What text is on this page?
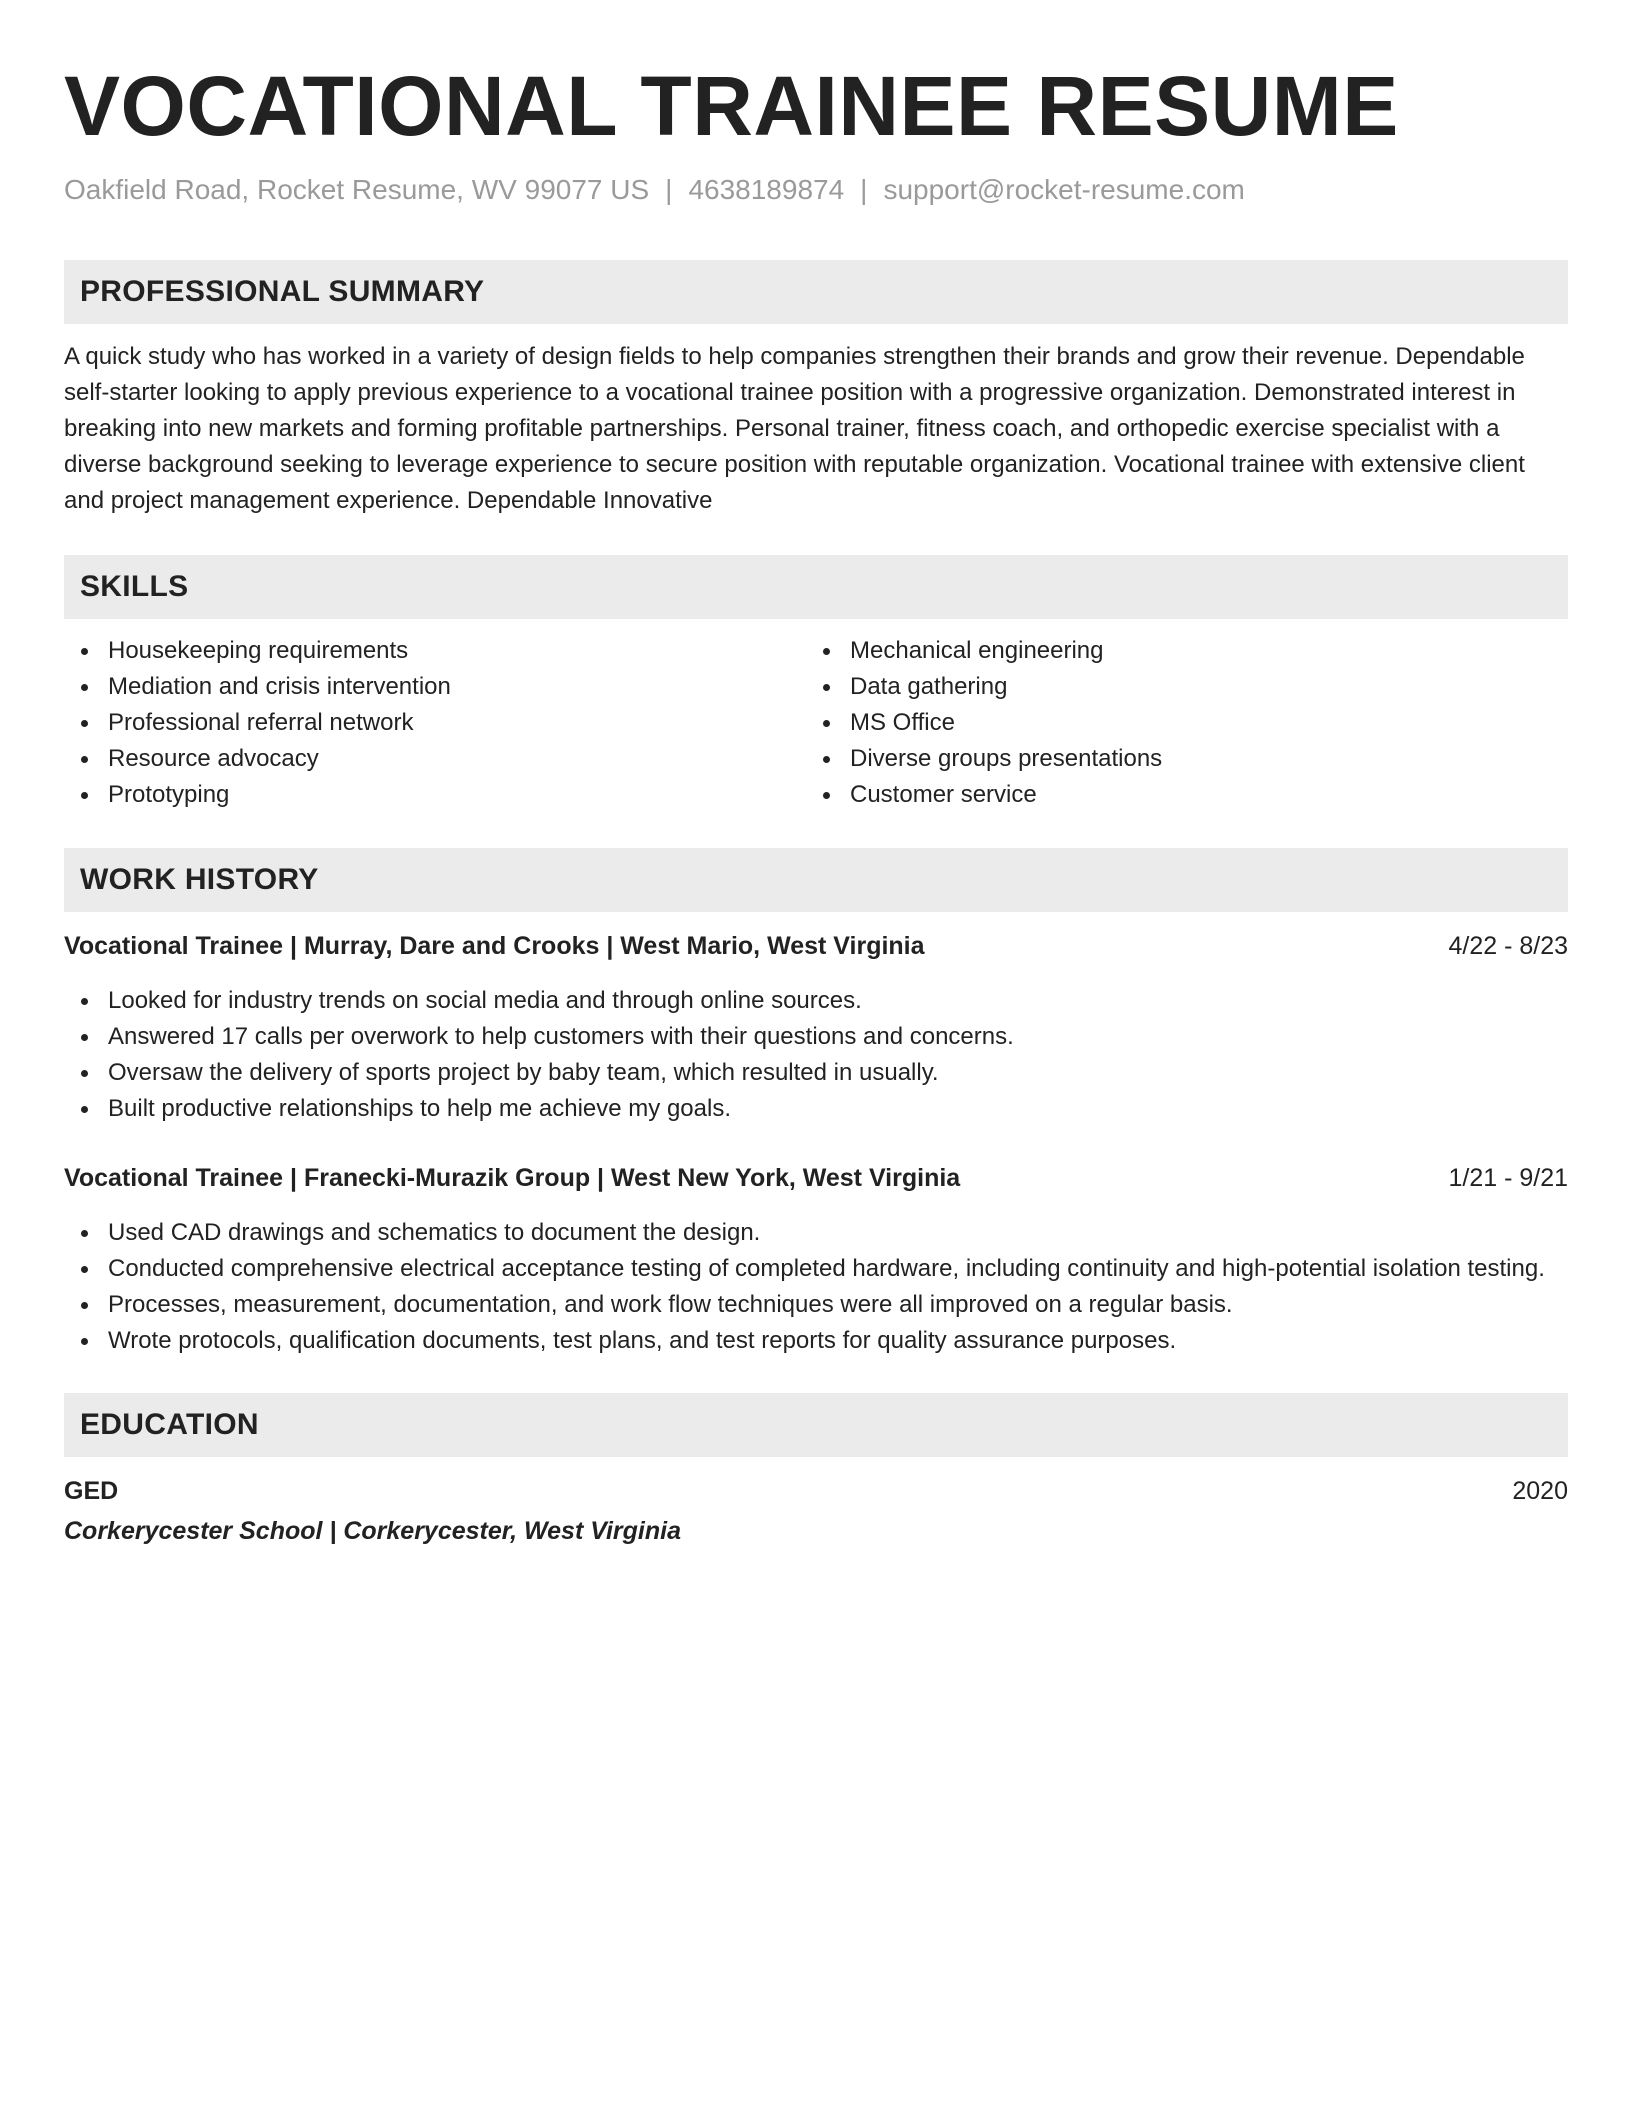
VOCATIONAL TRAINEE RESUME
Oakfield Road, Rocket Resume, WV 99077 US | 4638189874 | support@rocket-resume.com
PROFESSIONAL SUMMARY

A quick study who has worked in a variety of design fields to help companies strengthen their brands and grow their revenue. Dependable self-starter looking to apply previous experience to a vocational trainee position with a progressive organization. Demonstrated interest in breaking into new markets and forming profitable partnerships. Personal trainer, fitness coach, and orthopedic exercise specialist with a diverse background seeking to leverage experience to secure position with reputable organization. Vocational trainee with extensive client and project management experience. Dependable Innovative

SKILLS
Housekeeping requirements
Mediation and crisis intervention
Professional referral network
Resource advocacy
Prototyping
Mechanical engineering
Data gathering
MS Office
Diverse groups presentations
Customer service
WORK HISTORY
Vocational Trainee | Murray, Dare and Crooks | West Mario, West Virginia	4/22 - 8/23
Looked for industry trends on social media and through online sources.
Answered 17 calls per overwork to help customers with their questions and concerns.
Oversaw the delivery of sports project by baby team, which resulted in usually.
Built productive relationships to help me achieve my goals.
Vocational Trainee | Franecki-Murazik Group | West New York, West Virginia	1/21 - 9/21
Used CAD drawings and schematics to document the design.
Conducted comprehensive electrical acceptance testing of completed hardware, including continuity and high-potential isolation testing.
Processes, measurement, documentation, and work flow techniques were all improved on a regular basis.
Wrote protocols, qualification documents, test plans, and test reports for quality assurance purposes.
EDUCATION
GED	2020
Corkerycester School | Corkerycester, West Virginia
